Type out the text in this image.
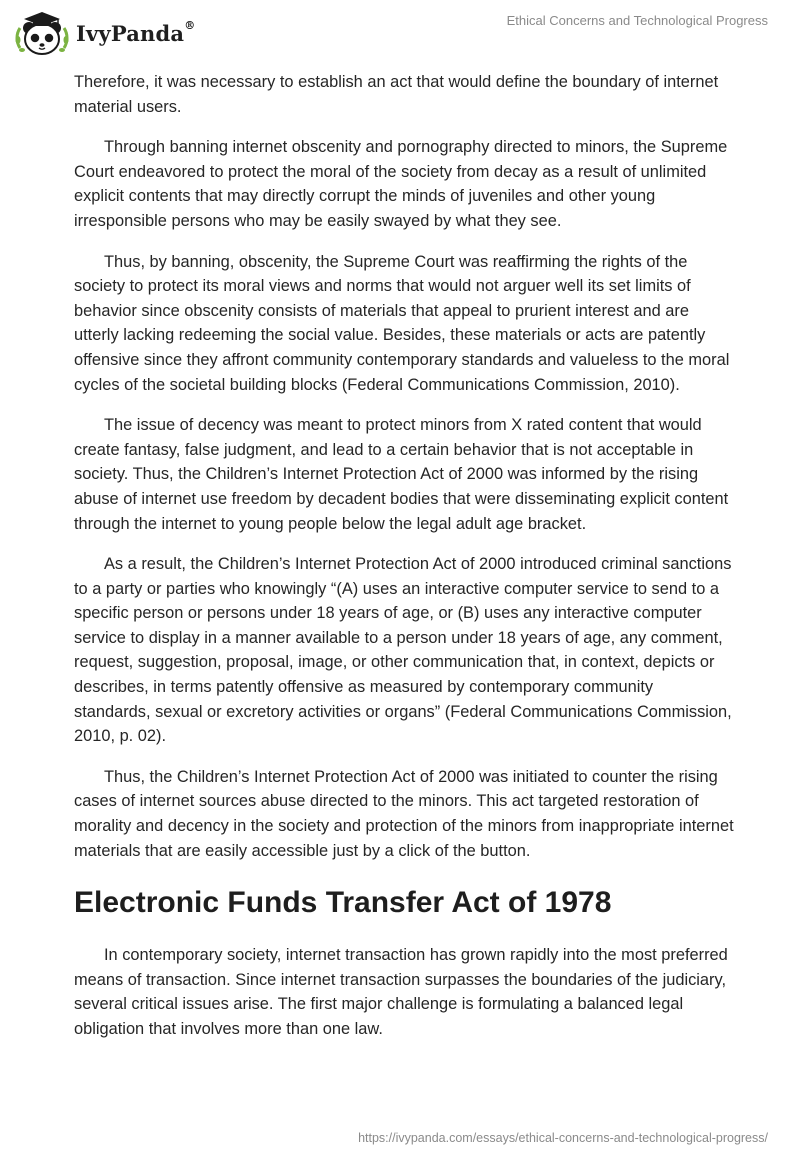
IvyPanda®	Ethical Concerns and Technological Progress

Therefore, it was necessary to establish an act that would define the boundary of internet material users.

Through banning internet obscenity and pornography directed to minors, the Supreme Court endeavored to protect the moral of the society from decay as a result of unlimited explicit contents that may directly corrupt the minds of juveniles and other young irresponsible persons who may be easily swayed by what they see.

Thus, by banning, obscenity, the Supreme Court was reaffirming the rights of the society to protect its moral views and norms that would not arguer well its set limits of behavior since obscenity consists of materials that appeal to prurient interest and are utterly lacking redeeming the social value. Besides, these materials or acts are patently offensive since they affront community contemporary standards and valueless to the moral cycles of the societal building blocks (Federal Communications Commission, 2010).

The issue of decency was meant to protect minors from X rated content that would create fantasy, false judgment, and lead to a certain behavior that is not acceptable in society. Thus, the Children’s Internet Protection Act of 2000 was informed by the rising abuse of internet use freedom by decadent bodies that were disseminating explicit content through the internet to young people below the legal adult age bracket.

As a result, the Children’s Internet Protection Act of 2000 introduced criminal sanctions to a party or parties who knowingly “(A) uses an interactive computer service to send to a specific person or persons under 18 years of age, or (B) uses any interactive computer service to display in a manner available to a person under 18 years of age, any comment, request, suggestion, proposal, image, or other communication that, in context, depicts or describes, in terms patently offensive as measured by contemporary community standards, sexual or excretory activities or organs” (Federal Communications Commission, 2010, p. 02).

Thus, the Children’s Internet Protection Act of 2000 was initiated to counter the rising cases of internet sources abuse directed to the minors. This act targeted restoration of morality and decency in the society and protection of the minors from inappropriate internet materials that are easily accessible just by a click of the button.

Electronic Funds Transfer Act of 1978

In contemporary society, internet transaction has grown rapidly into the most preferred means of transaction. Since internet transaction surpasses the boundaries of the judiciary, several critical issues arise. The first major challenge is formulating a balanced legal obligation that involves more than one law.

https://ivypanda.com/essays/ethical-concerns-and-technological-progress/
